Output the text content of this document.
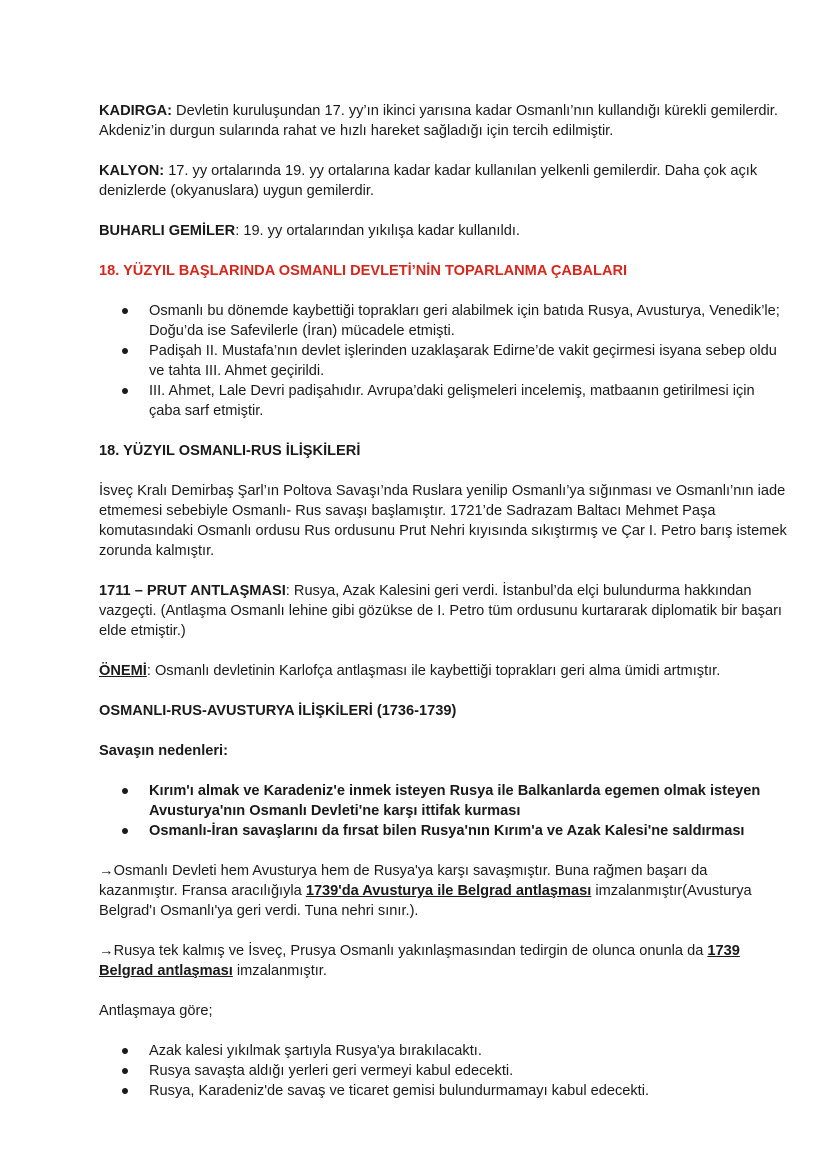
KADIRGA: Devletin kuruluşundan 17. yy’ın ikinci yarısına kadar Osmanlı’nın kullandığı kürekli gemilerdir. Akdeniz’in durgun sularında rahat ve hızlı hareket sağladığı için tercih edilmiştir.

KALYON: 17. yy ortalarında 19. yy ortalarına kadar kadar kullanılan yelkenli gemilerdir. Daha çok açık denizlerde (okyanuslara) uygun gemilerdir.

BUHARLI GEMİLER: 19. yy ortalarından yıkılışa kadar kullanıldı.

18. YÜZYIL BAŞLARINDA OSMANLI DEVLETİ’NİN TOPARLANMA ÇABALARI
Osmanlı bu dönemde kaybettiği toprakları geri alabilmek için batıda Rusya, Avusturya, Venedik’le; Doğu’da ise Safevilerle (İran) mücadele etmişti.
Padişah II. Mustafa’nın devlet işlerinden uzaklaşarak Edirne’de vakit geçirmesi isyana sebep oldu ve tahta III. Ahmet geçirildi.
III. Ahmet, Lale Devri padişahıdır. Avrupa’daki gelişmeleri incelemiş, matbaanın getirilmesi için çaba sarf etmiştir.
18. YÜZYIL OSMANLI-RUS İLİŞKİLERİ

İsveç Kralı Demirbaş Şarl’ın Poltova Savaşı’nda Ruslara yenilip Osmanlı’ya sığınması ve Osmanlı’nın iade etmemesi sebebiyle Osmanlı- Rus savaşı başlamıştır. 1721’de Sadrazam Baltacı Mehmet Paşa komutasındaki Osmanlı ordusu Rus ordusunu Prut Nehri kıyısında sıkıştırmış ve Çar I. Petro barış istemek zorunda kalmıştır.

1711 – PRUT ANTLAŞMASI: Rusya, Azak Kalesini geri verdi. İstanbul’da elçi bulundurma hakkından vazgeçti. (Antlaşma Osmanlı lehine gibi gözükse de I. Petro tüm ordusunu kurtararak diplomatik bir başarı elde etmiştir.)

ÖNEMİ: Osmanlı devletinin Karlofça antlaşması ile kaybettiği toprakları geri alma ümidi artmıştır.

OSMANLI-RUS-AVUSTURYA İLİŞKİLERİ (1736-1739)
Savaşın nedenleri:
Kırım'ı almak ve Karadeniz'e inmek isteyen Rusya ile Balkanlarda egemen olmak isteyen Avusturya'nın Osmanlı Devleti'ne karşı ittifak kurması
Osmanlı-İran savaşlarını da fırsat bilen Rusya'nın Kırım'a ve Azak Kalesi'ne saldırması

→Osmanlı Devleti hem Avusturya hem de Rusya'ya karşı savaşmıştır. Buna rağmen başarı da kazanmıştır. Fransa aracılığıyla 1739'da Avusturya ile Belgrad antlaşması imzalanmıştır(Avusturya Belgrad'ı Osmanlı'ya geri verdi. Tuna nehri sınır.).

→Rusya tek kalmış ve İsveç, Prusya Osmanlı yakınlaşmasından tedirgin de olunca onunla da 1739 Belgrad antlaşması imzalanmıştır.

Antlaşmaya göre;

Azak kalesi yıkılmak şartıyla Rusya'ya bırakılacaktı.
Rusya savaşta aldığı yerleri geri vermeyi kabul edecekti.
Rusya, Karadeniz'de savaş ve ticaret gemisi bulundurmamayı kabul edecekti.
